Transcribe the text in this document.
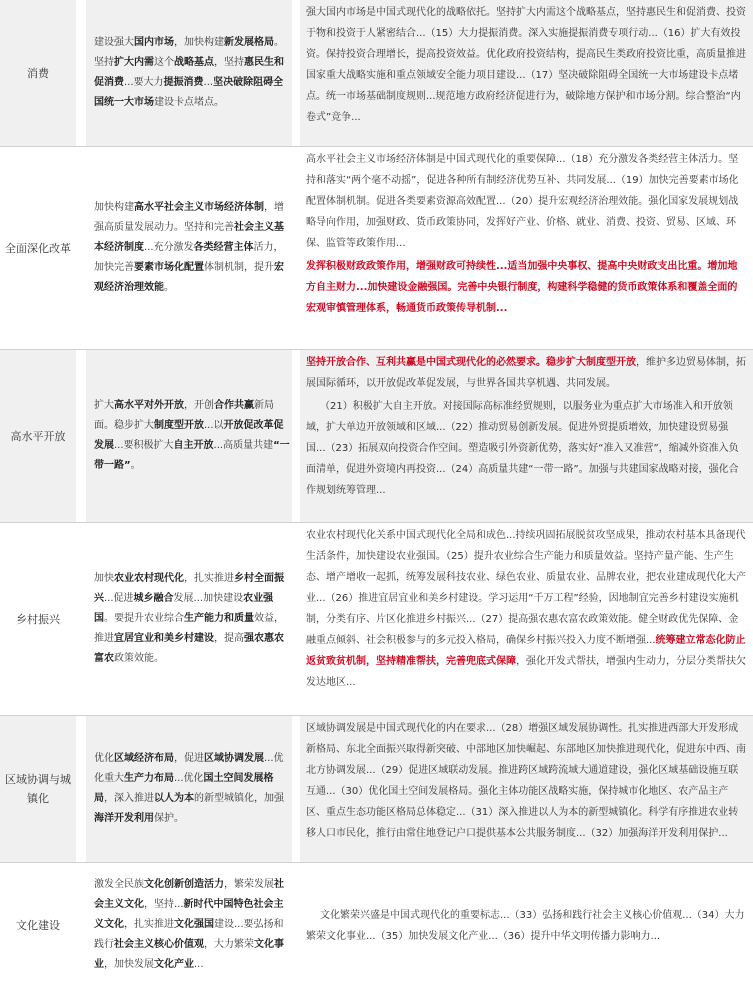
消费

建设强大国内市场，加快构建新发展格局。坚持扩大内需这个战略基点，坚持惠民生和促消费...要大力提振消费...坚决破除阻碍全国统一大市场建设卡点堵点。

强大国内市场是中国式现代化的战略依托。坚持扩大内需这个战略基点，坚持惠民生和促消费、投资于物和投资于人紧密结合...（15）大力提振消费。深入实施提振消费专项行动...（16）扩大有效投资。保持投资合理增长，提高投资效益。优化政府投资结构，提高民生类政府投资比重，高质量推进国家重大战略实施和重点领域安全能力项目建设...（17）坚决破除阻碍全国统一大市场建设卡点堵点。统一市场基础制度规则...规范地方政府经济促进行为，破除地方保护和市场分割。综合整治“内卷式”竞争...

全面深化改革

加快构建高水平社会主义市场经济体制，增强高质量发展动力。坚持和完善社会主义基本经济制度...充分激发各类经营主体活力，加快完善要素市场化配置体制机制，提升宏观经济治理效能。

高水平社会主义市场经济体制是中国式现代化的重要保障...（18）充分激发各类经营主体活力。坚持和落实“两个毫不动摇”，促进各种所有制经济优势互补、共同发展...（19）加快完善要素市场化配置体制机制。促进各类要素资源高效配置...（20）提升宏观经济治理效能。强化国家发展规划战略导向作用，加强财政、货币政策协同，发挥好产业、价格、就业、消费、投资、贸易、区域、环保、监管等政策作用...

发挥积极财政政策作用，增强财政可持续性...适当加强中央事权、提高中央财政支出比重。增加地方自主财力...加快建设金融强国。完善中央银行制度，构建科学稳健的货币政策体系和覆盖全面的宏观审慎管理体系，畅通货币政策传导机制...

高水平开放

扩大高水平对外开放，开创合作共赢新局面。稳步扩大制度型开放...以开放促改革促发展...要积极扩大自主开放...高质量共建“一带一路”。

坚持开放合作、互利共赢是中国式现代化的必然要求。稳步扩大制度型开放，维护多边贸易体制，拓展国际循环，以开放促改革促发展，与世界各国共享机遇、共同发展。

（21）积极扩大自主开放。对接国际高标准经贸规则，以服务业为重点扩大市场准入和开放领域，扩大单边开放领域和区域...（22）推动贸易创新发展。促进外贸提质增效，加快建设贸易强国...（23）拓展双向投资合作空间。塑造吸引外资新优势，落实好“准入又准营”，缩减外资准入负面清单，促进外资境内再投资...（24）高质量共建“一带一路”。加强与共建国家战略对接，强化合作规划统筹管理...

乡村振兴

加快农业农村现代化，扎实推进乡村全面振兴...促进城乡融合发展...加快建设农业强国。要提升农业综合生产能力和质量效益，推进宜居宜业和美乡村建设，提高强农惠农富农政策效能。

农业农村现代化关系中国式现代化全局和成色...持续巩固拓展脱贫攻坚成果，推动农村基本具备现代生活条件，加快建设农业强国。（25）提升农业综合生产能力和质量效益。坚持产量产能、生产生态、增产增收一起抓，统筹发展科技农业、绿色农业、质量农业、品牌农业，把农业建成现代化大产业...（26）推进宜居宜业和美乡村建设。学习运用“千万工程”经验，因地制宜完善乡村建设实施机制，分类有序、片区化推进乡村振兴...（27）提高强农惠农富农政策效能。健全财政优先保障、金融重点倾斜、社会积极参与的多元投入格局，确保乡村振兴投入力度不断增强...统筹建立常态化防止返贫致贫机制，坚持精准帮扶，完善兜底式保障，强化开发式帮扶，增强内生动力，分层分类帮扶欠发达地区...

区域协调与城镇化

优化区域经济布局，促进区域协调发展...优化重大生产力布局...优化国土空间发展格局，深入推进以人为本的新型城镇化，加强海洋开发利用保护。

区域协调发展是中国式现代化的内在要求...（28）增强区域发展协调性。扎实推进西部大开发形成新格局、东北全面振兴取得新突破、中部地区加快崛起、东部地区加快推进现代化，促进东中西、南北方协调发展...（29）促进区域联动发展。推进跨区域跨流域大通道建设，强化区域基础设施互联互通...（30）优化国土空间发展格局。强化主体功能区战略实施，保持城市化地区、农产品主产区、重点生态功能区格局总体稳定...（31）深入推进以人为本的新型城镇化。科学有序推进农业转移人口市民化，推行由常住地登记户口提供基本公共服务制度...（32）加强海洋开发利用保护...

文化建设

激发全民族文化创新创造活力，繁荣发展社会主义文化，坚持...新时代中国特色社会主义文化，扎实推进文化强国建设...要弘扬和践行社会主义核心价值观，大力繁荣文化事业，加快发展文化产业...

文化繁荣兴盛是中国式现代化的重要标志...（33）弘扬和践行社会主义核心价值观...（34）大力繁荣文化事业...（35）加快发展文化产业...（36）提升中华文明传播力影响力...
